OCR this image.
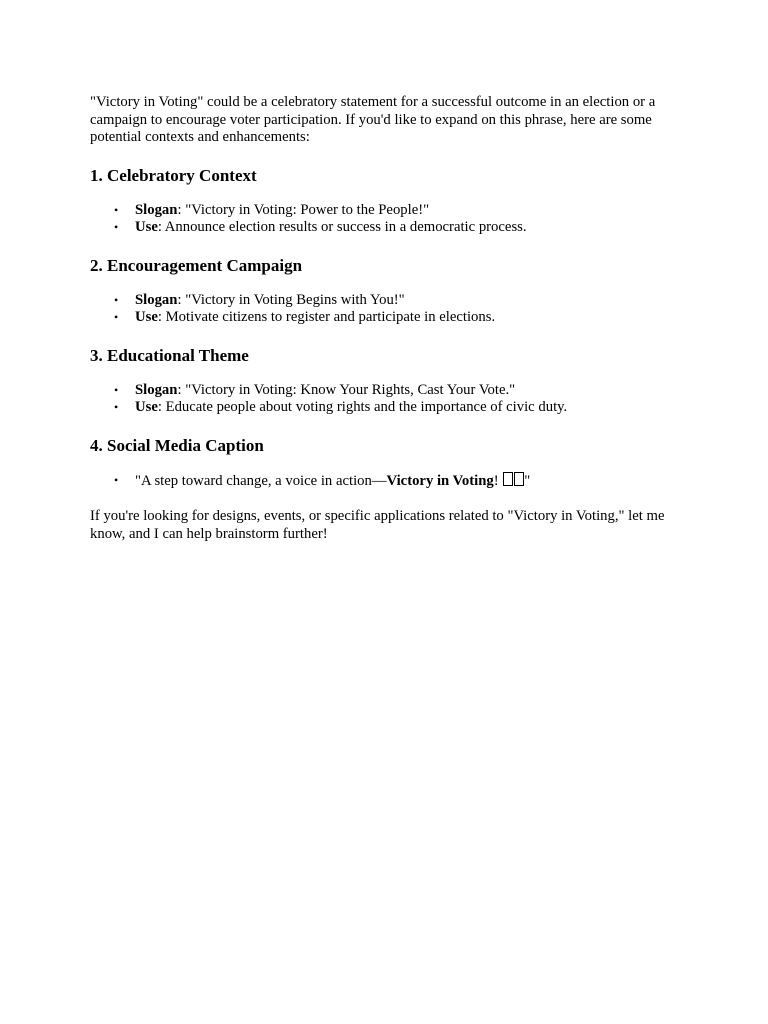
"Victory in Voting" could be a celebratory statement for a successful outcome in an election or a campaign to encourage voter participation. If you'd like to expand on this phrase, here are some potential contexts and enhancements:

1. Celebratory Context
• Slogan: "Victory in Voting: Power to the People!"
• Use: Announce election results or success in a democratic process.
2. Encouragement Campaign
• Slogan: "Victory in Voting Begins with You!"
• Use: Motivate citizens to register and participate in elections.
3. Educational Theme
• Slogan: "Victory in Voting: Know Your Rights, Cast Your Vote."
• Use: Educate people about voting rights and the importance of civic duty.
4. Social Media Caption
• "A step toward change, a voice in action—Victory in Voting! "

If you're looking for designs, events, or specific applications related to "Victory in Voting," let me know, and I can help brainstorm further!
